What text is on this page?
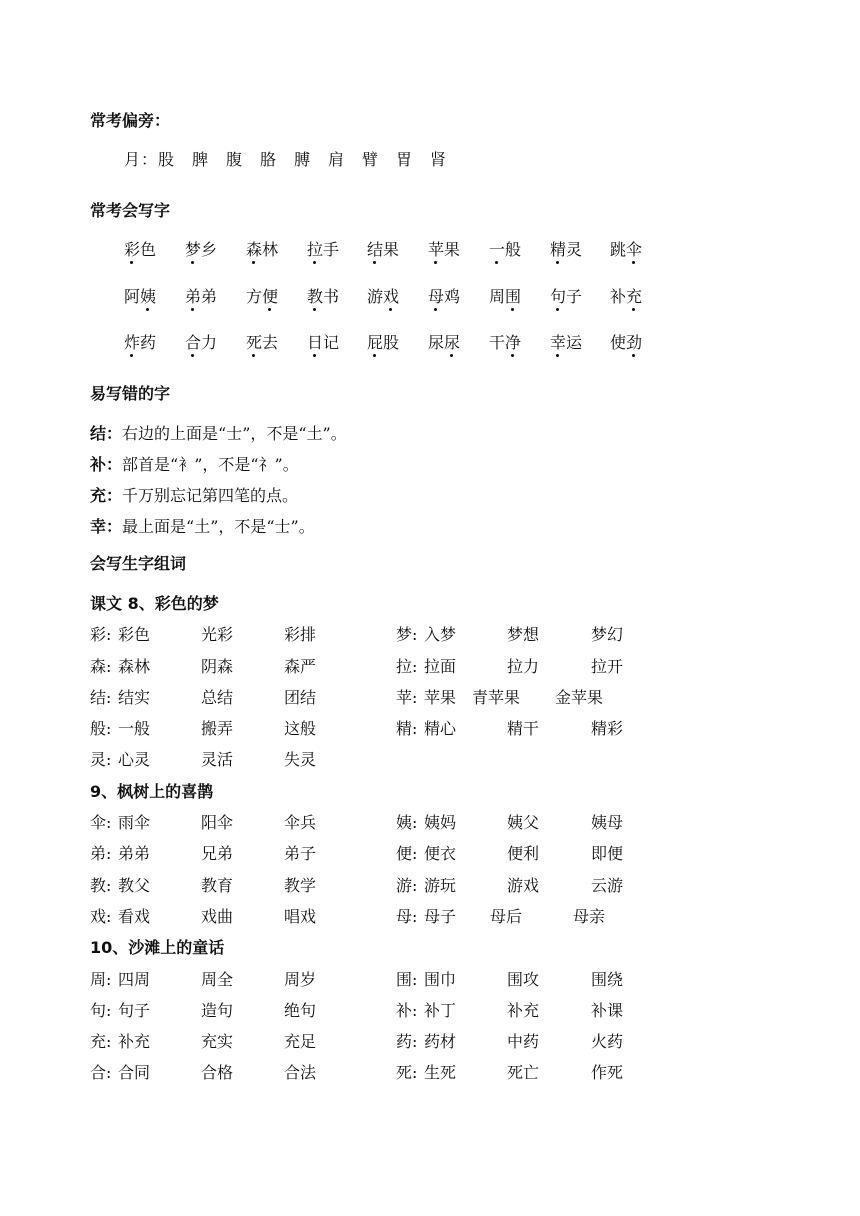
常考偏旁：
月：股　脾　腹　胳　膊　肩　臂　胃　肾
常考会写字
彩色 梦乡 森林 拉手 结果 苹果 一般 精灵 跳伞
阿姨 弟弟 方便 教书 游戏 母鸡 周围 句子 补充
炸药 合力 死去 日记 屁股 尿尿 干净 幸运 使劲
易写错的字
结：右边的上面是“士”，不是“土”。
补：部首是“衤”，不是“礻”。
充：千万别忘记第四笔的点。
幸：最上面是“土”，不是“士”。
会写生字组词
课文 8、彩色的梦
彩: 彩色	光彩	彩排	梦: 入梦	梦想	梦幻
森: 森林	阴森	森严	拉: 拉面	拉力	拉开
结: 结实	总结	团结	苹: 苹果 青苹果 金苹果
般: 一般	搬弄	这般	精: 精心	精干	精彩
灵: 心灵	灵活	失灵
9、枫树上的喜鹊
伞: 雨伞	阳伞	伞兵	姨: 姨妈	姨父	姨母
弟: 弟弟	兄弟	弟子	便: 便衣	便利	即便
教: 教父	教育	教学	游: 游玩	游戏	云游
戏: 看戏	戏曲	唱戏	母: 母子 母后	母亲
10、沙滩上的童话
周: 四周	周全	周岁	围: 围巾	围攻	围绕
句: 句子	造句	绝句	补: 补丁	补充	补课
充: 补充	充实	充足	药: 药材	中药	火药
合: 合同	合格	合法	死: 生死	死亡	作死
